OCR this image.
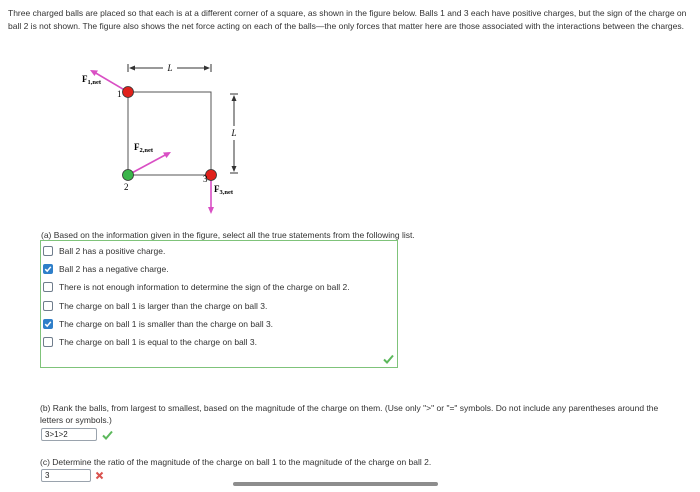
Three charged balls are placed so that each is at a different corner of a square, as shown in the figure below. Balls 1 and 3 each have positive charges, but the sign of the charge on ball 2 is not shown. The figure also shows the net force acting on each of the balls—the only forces that matter here are those associated with the interactions between the charges.
L
L
1
2
3
$F_{1,net}$
$F_{2,net}$
$F_{3,net}$
(a) Based on the information given in the figure, select all the true statements from the following list.
Ball 2 has a positive charge.
Ball 2 has a negative charge.
There is not enough information to determine the sign of the charge on ball 2.
The charge on ball 1 is larger than the charge on ball 3.
The charge on ball 1 is smaller than the charge on ball 3.
The charge on ball 1 is equal to the charge on ball 3.
(b) Rank the balls, from largest to smallest, based on the magnitude of the charge on them. (Use only ">" or "=" symbols. Do not include any parentheses around the letters or symbols.)
3>1>2
(c) Determine the ratio of the magnitude of the charge on ball 1 to the magnitude of the charge on ball 2.
3
